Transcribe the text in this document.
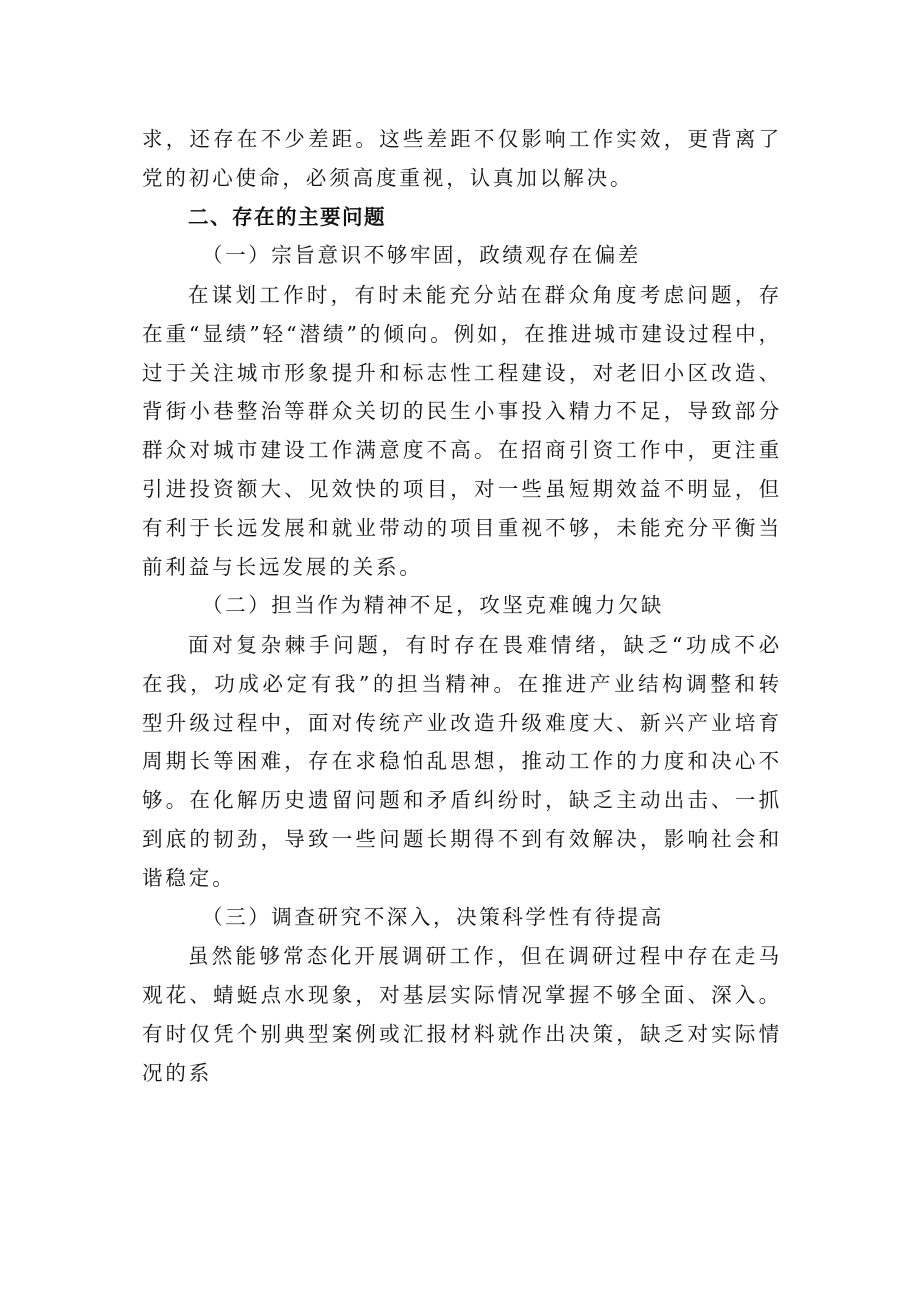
求，还存在不少差距。这些差距不仅影响工作实效，更背离了党的初心使命，必须高度重视，认真加以解决。

二、存在的主要问题

（一）宗旨意识不够牢固，政绩观存在偏差

在谋划工作时，有时未能充分站在群众角度考虑问题，存在重“显绩”轻“潜绩”的倾向。例如，在推进城市建设过程中，过于关注城市形象提升和标志性工程建设，对老旧小区改造、背街小巷整治等群众关切的民生小事投入精力不足，导致部分群众对城市建设工作满意度不高。在招商引资工作中，更注重引进投资额大、见效快的项目，对一些虽短期效益不明显，但有利于长远发展和就业带动的项目重视不够，未能充分平衡当前利益与长远发展的关系。

（二）担当作为精神不足，攻坚克难魄力欠缺

面对复杂棘手问题，有时存在畏难情绪，缺乏“功成不必在我，功成必定有我”的担当精神。在推进产业结构调整和转型升级过程中，面对传统产业改造升级难度大、新兴产业培育周期长等困难，存在求稳怕乱思想，推动工作的力度和决心不够。在化解历史遗留问题和矛盾纠纷时，缺乏主动出击、一抓到底的韧劲，导致一些问题长期得不到有效解决，影响社会和谐稳定。

（三）调查研究不深入，决策科学性有待提高

虽然能够常态化开展调研工作，但在调研过程中存在走马观花、蜻蜓点水现象，对基层实际情况掌握不够全面、深入。有时仅凭个别典型案例或汇报材料就作出决策，缺乏对实际情况的系
